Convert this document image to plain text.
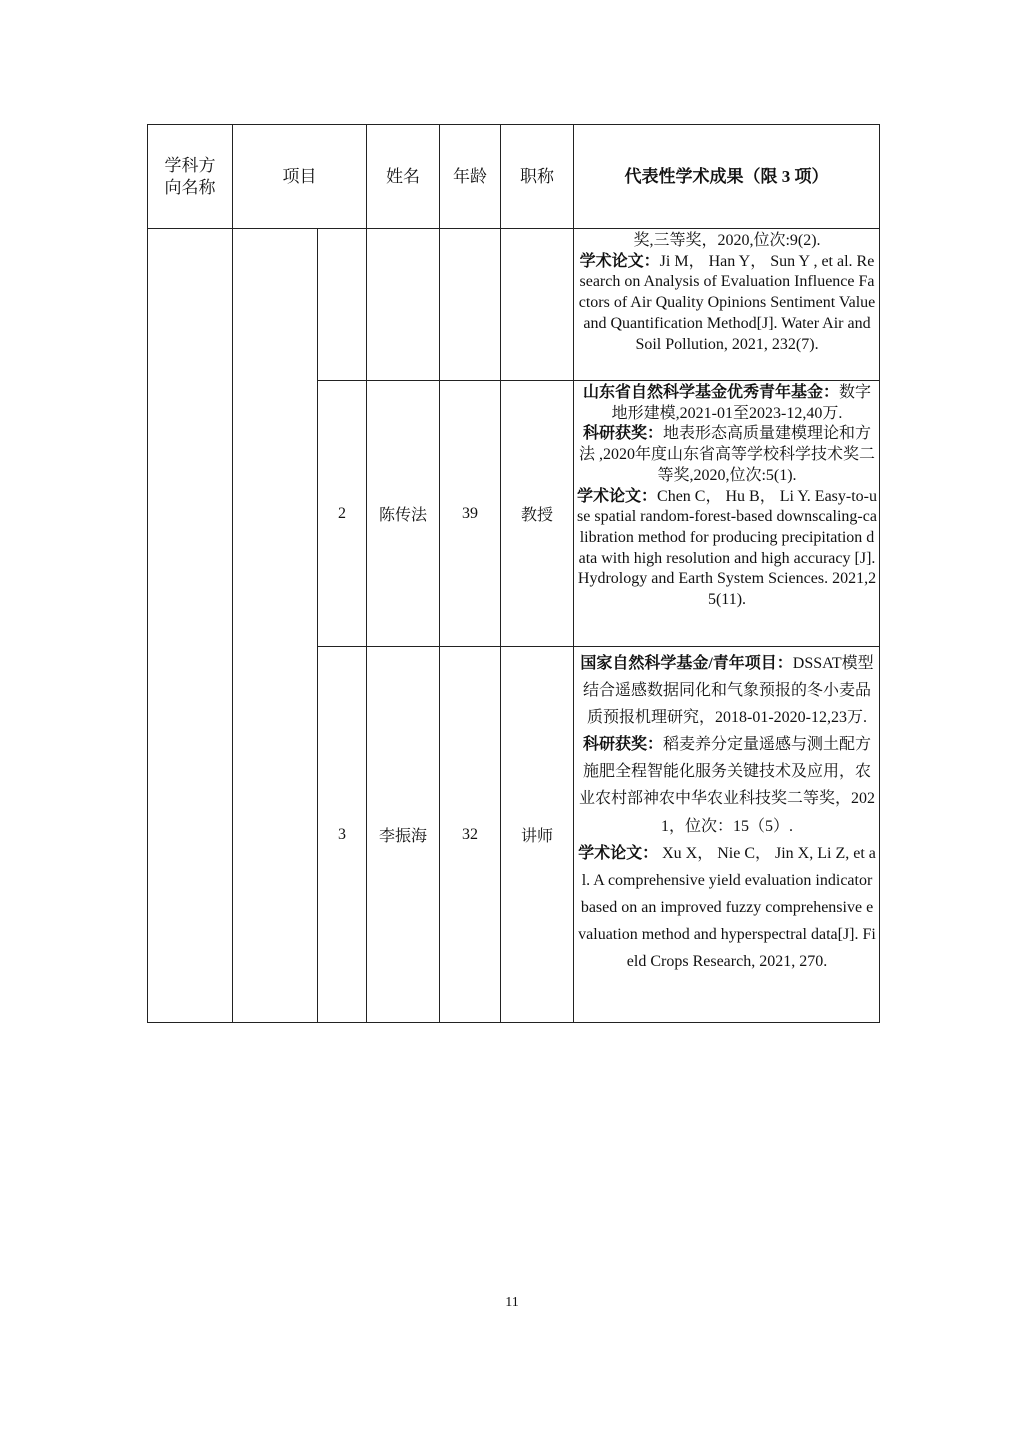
学科方向名称	项目		姓名	年龄	职称	代表性学术成果（限 3 项）

						奖,三等奖，2020,位次:9(2).

学术论文：Ji M， Han Y， Sun Y , et al. Research on Analysis of Evaluation Influence Factors of Air Quality Opinions Sentiment Value and Quantification Method[J]. Water Air and Soil Pollution, 2021, 232(7).

		2	陈传法	39	教授	山东省自然科学基金优秀青年基金：数字地形建模,2021-01至2023-12,40万.

科研获奖：地表形态高质量建模理论和方法 ,2020年度山东省高等学校科学技术奖二等奖,2020,位次:5(1).

学术论文：Chen C， Hu B， Li Y. Easy-to-use spatial random-forest-based downscaling-calibration method for producing precipitation data with high resolution and high accuracy [J]. Hydrology and Earth System Sciences. 2021,25(11).

		3	李振海	32	讲师	国家自然科学基金/青年项目：DSSAT模型结合遥感数据同化和气象预报的冬小麦品质预报机理研究，2018-01-2020-12,23万.

科研获奖：稻麦养分定量遥感与测土配方施肥全程智能化服务关键技术及应用，农业农村部神农中华农业科技奖二等奖，2021，位次：15（5）.

学术论文： Xu X， Nie C， Jin X, Li Z, et al. A comprehensive yield evaluation indicator based on an improved fuzzy comprehensive evaluation method and hyperspectral data[J]. Field Crops Research, 2021, 270.

11
